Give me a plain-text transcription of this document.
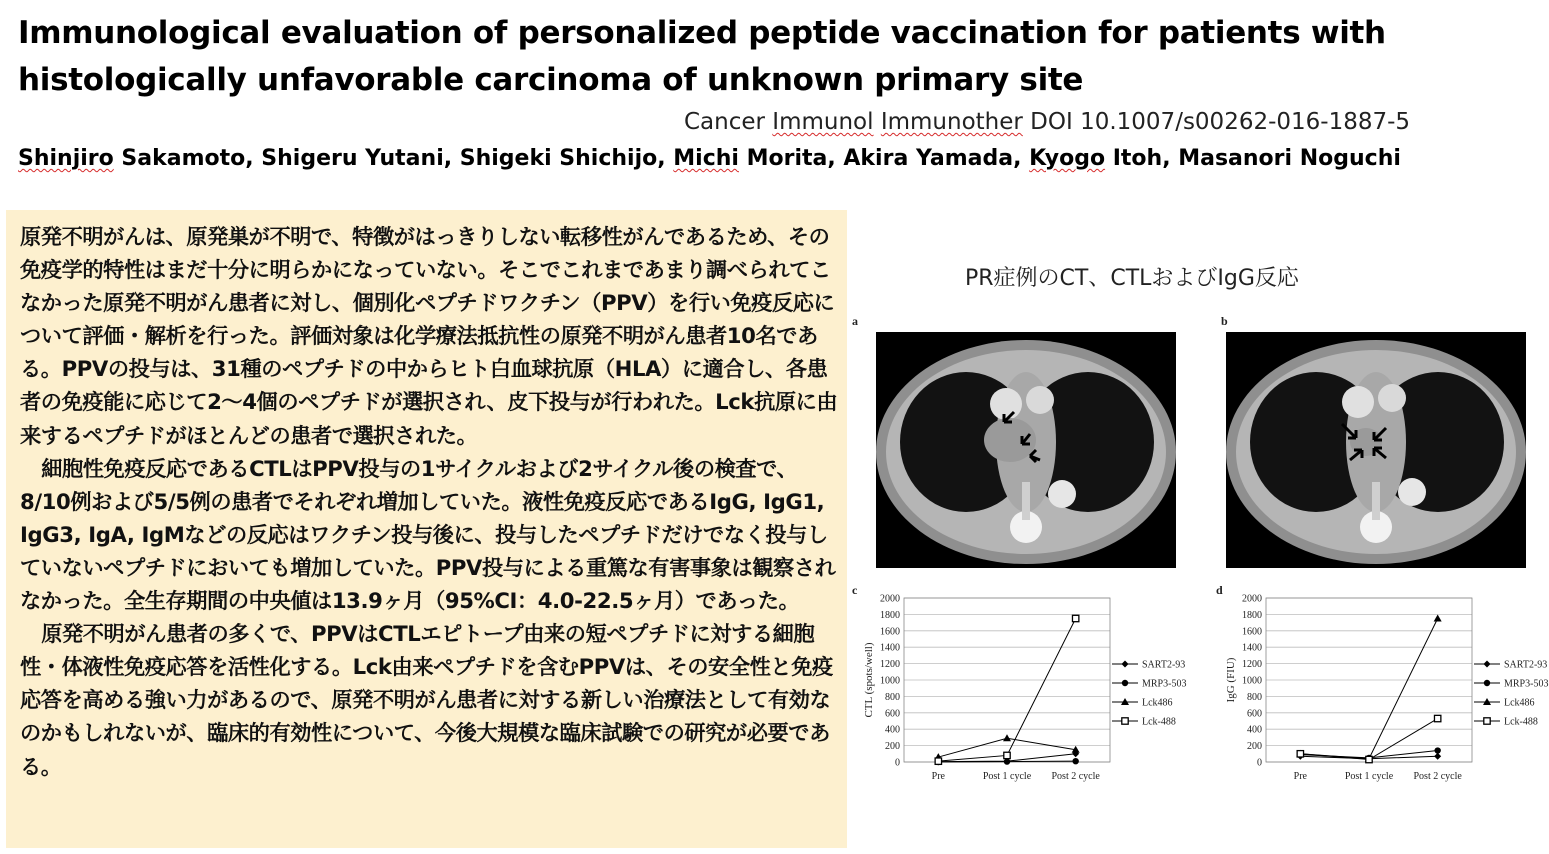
Immunological evaluation of personalized peptide vaccination for patients with
histologically unfavorable carcinoma of unknown primary site
Cancer Immunol Immunother DOI 10.1007/s00262-016-1887-5
Shinjiro Sakamoto, Shigeru Yutani, Shigeki Shichijo, Michi Morita, Akira Yamada, Kyogo Itoh, Masanori Noguchi

原発不明がんは、原発巣が不明で、特徴がはっきりしない転移性がんであるため、その免疫学的特性はまだ十分に明らかになっていない。そこでこれまであまり調べられてこなかった原発不明がん患者に対し、個別化ペプチドワクチン（PPV）を行い免疫反応について評価・解析を行った。評価対象は化学療法抵抗性の原発不明がん患者10名である。PPVの投与は、31種のペプチドの中からヒト白血球抗原（HLA）に適合し、各患者の免疫能に応じて2～4個のペプチドが選択され、皮下投与が行われた。Lck抗原に由来するペプチドがほとんどの患者で選択された。

細胞性免疫反応であるCTLはPPV投与の1サイクルおよび2サイクル後の検査で、8/10例および5/5例の患者でそれぞれ増加していた。液性免疫反応であるIgG, IgG1, IgG3, IgA, IgMなどの反応はワクチン投与後に、投与したペプチドだけでなく投与していないペプチドにおいても増加していた。PPV投与による重篤な有害事象は観察されなかった。全生存期間の中央値は13.9ヶ月（95%CI：4.0-22.5ヶ月）であった。

原発不明がん患者の多くで、PPVはCTLエピトープ由来の短ペプチドに対する細胞性・体液性免疫応答を活性化する。Lck由来ペプチドを含むPPVは、その安全性と免疫応答を高める強い力があるので、原発不明がん患者に対する新しい治療法として有効なのかもしれないが、臨床的有効性について、今後大規模な臨床試験での研究が必要である。

PR症例のCT、CTLおよびIgG反応
a	b
c
0
200
400
600
800
1000
1200
1400
1600
1800
2000
Pre	Post 1 cycle Post 2 cycle
CTL (spots/well)	SART2-93
MRP3-503
Lck486
Lck-488
d
0
200
400
600
800
1000
1200
1400
1600
1800
2000
Pre	Post 1 cycle Post 2 cycle
IgG (FIU)	SART2-93
MRP3-503
Lck486
Lck-488
